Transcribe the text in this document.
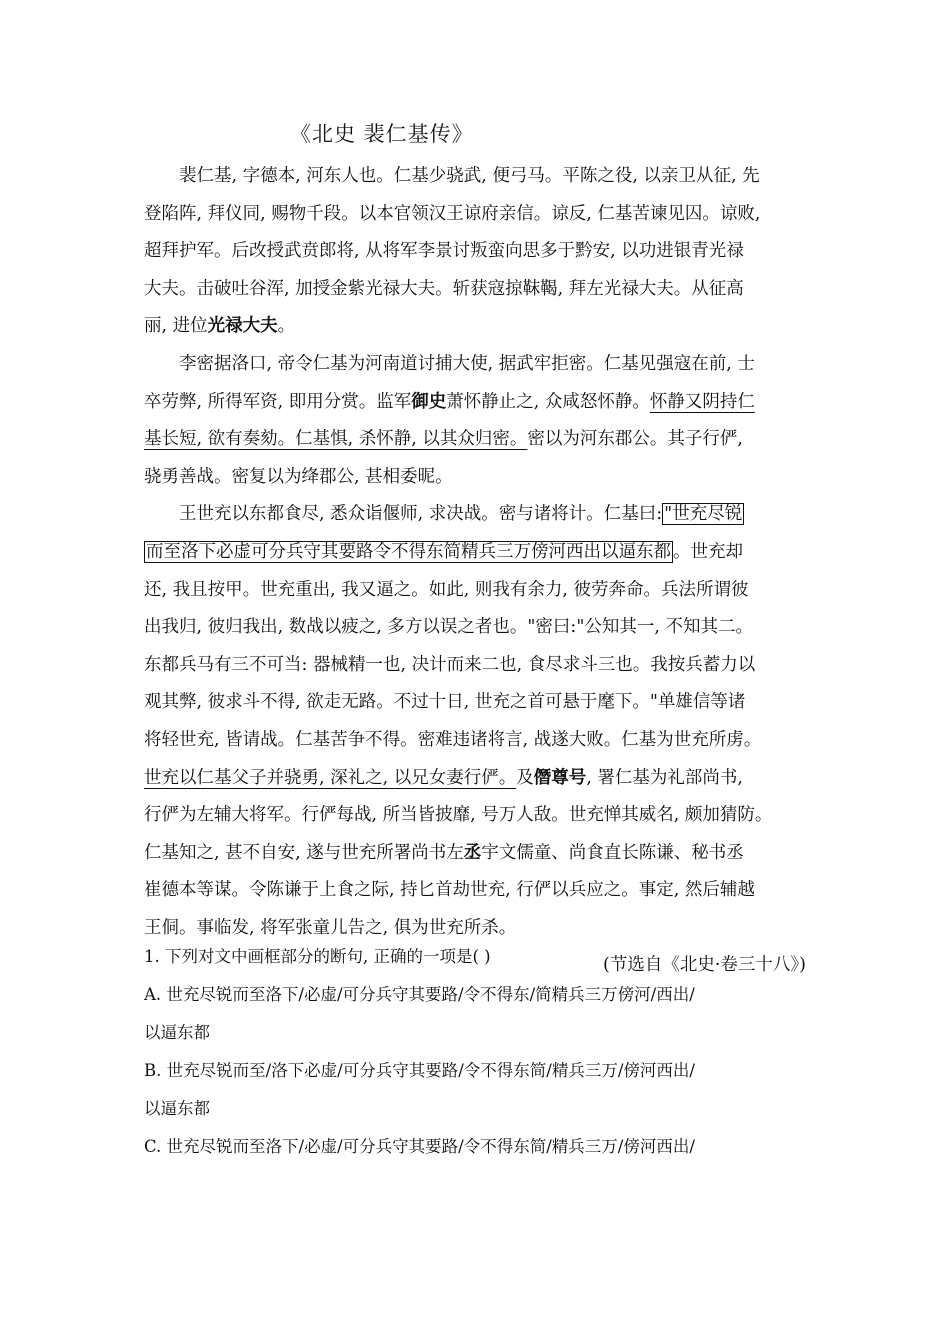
《北史 裴仁基传》
裴仁基, 字德本, 河东人也。仁基少骁武, 便弓马。平陈之役, 以亲卫从征, 先
登陷阵, 拜仪同, 赐物千段。以本官领汉王谅府亲信。谅反, 仁基苦谏见囚。谅败,
超拜护军。后改授武贲郎将, 从将军李景讨叛蛮向思多于黔安, 以功进银青光禄
大夫。击破吐谷浑, 加授金紫光禄大夫。斩获寇掠靺鞨, 拜左光禄大夫。从征高
丽, 进位光禄大夫。
李密据洛口, 帝令仁基为河南道讨捕大使, 据武牢拒密。仁基见强寇在前, 士
卒劳弊, 所得军资, 即用分赏。监军御史萧怀静止之, 众咸怒怀静。怀静又阴持仁
基长短, 欲有奏劾。仁基惧, 杀怀静, 以其众归密。密以为河东郡公。其子行俨,
骁勇善战。密复以为绛郡公, 甚相委昵。
王世充以东都食尽, 悉众诣偃师, 求决战。密与诸将计。仁基曰: "世充尽锐
而至洛下必虚可分兵守其要路令不得东简精兵三万傍河西出以逼东都 。世充却
还, 我且按甲。世充重出, 我又逼之。如此, 则我有余力, 彼劳奔命。兵法所谓彼
出我归, 彼归我出, 数战以疲之, 多方以误之者也。"密曰:"公知其一, 不知其二。
东都兵马有三不可当: 器械精一也, 决计而来二也, 食尽求斗三也。我按兵蓄力以
观其弊, 彼求斗不得, 欲走无路。不过十日, 世充之首可悬于麾下。"单雄信等诸
将轻世充, 皆请战。仁基苦争不得。密难违诸将言, 战遂大败。仁基为世充所虏。
世充以仁基父子并骁勇, 深礼之, 以兄女妻行俨。及僭尊号, 署仁基为礼部尚书,
行俨为左辅大将军。行俨每战, 所当皆披靡, 号万人敌。世充惮其威名, 颇加猜防。
仁基知之, 甚不自安, 遂与世充所署尚书左丞宇文儒童、尚食直长陈谦、秘书丞
崔德本等谋。令陈谦于上食之际, 持匕首劫世充, 行俨以兵应之。事定, 然后辅越
王侗。事临发, 将军张童儿告之, 俱为世充所杀。
(节选自《北史·卷三十八》)
1. 下列对文中画框部分的断句, 正确的一项是( )
A. 世充尽锐而至洛下/必虚/可分兵守其要路/令不得东/简精兵三万傍河/西出/
以逼东都
B. 世充尽锐而至/洛下必虚/可分兵守其要路/令不得东简/精兵三万/傍河西出/
以逼东都
C. 世充尽锐而至洛下/必虚/可分兵守其要路/令不得东简/精兵三万/傍河西出/
